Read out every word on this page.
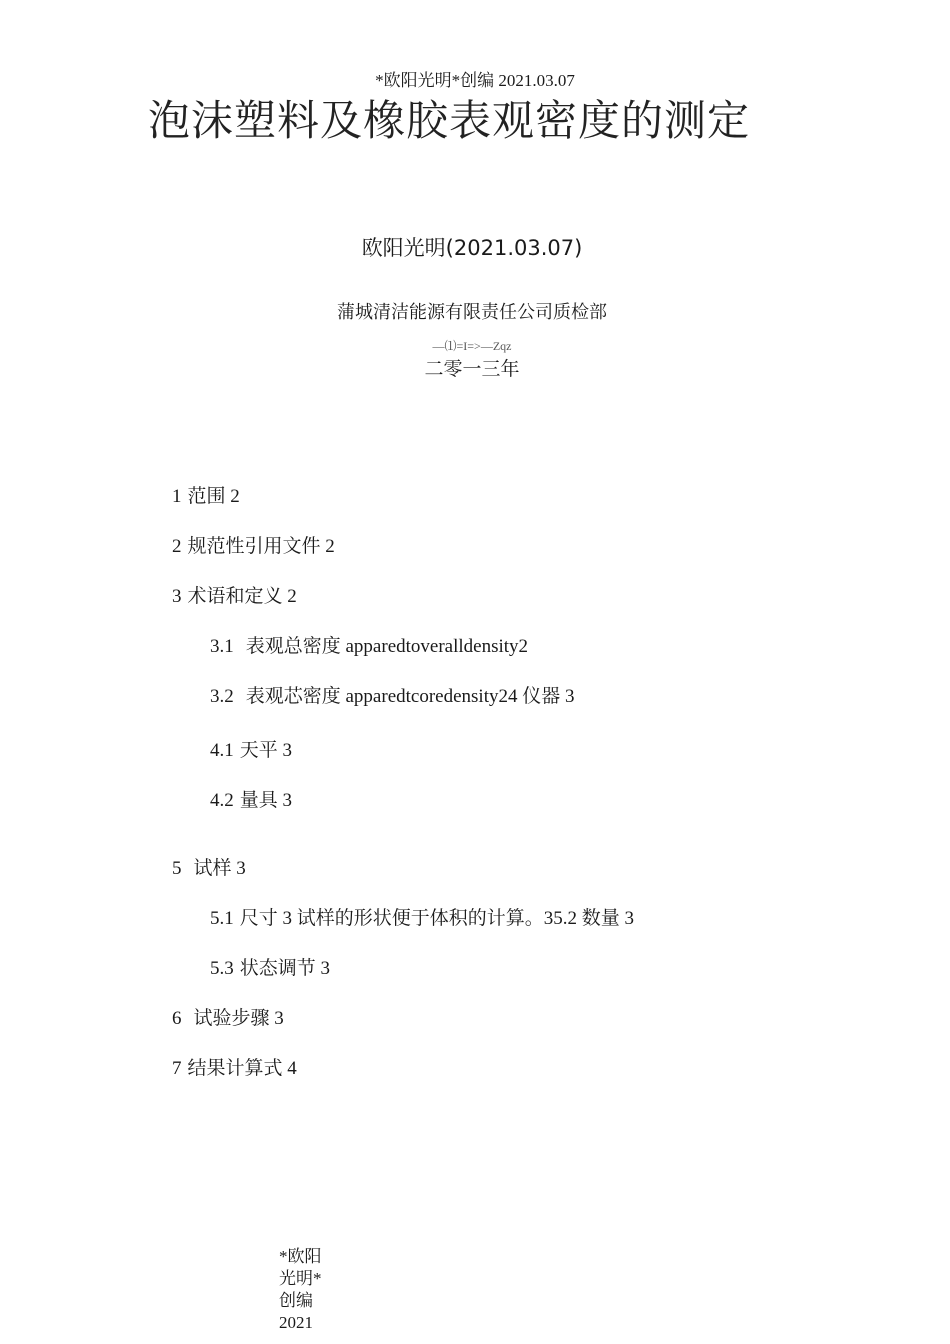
*欧阳光明*创编 2021.03.07
泡沫塑料及橡胶表观密度的测定
欧阳光明(2021.03.07)
蒲城清洁能源有限责任公司质检部
—⑴=I=>—Zqz
二零一三年
1 范围 2
2 规范性引用文件 2
3 术语和定义 2
3.1 表观总密度 apparedtoveralldensity2
3.2 表观芯密度 apparedtcoredensity24 仪器 3
4.1 天平 3
4.2 量具 3
5 试样 3
5.1 尺寸 3 试样的形状便于体积的计算。35.2 数量 3
5.3 状态调节 3
6 试验步骤 3
7 结果计算式 4
*欧阳光明*创编 2021
